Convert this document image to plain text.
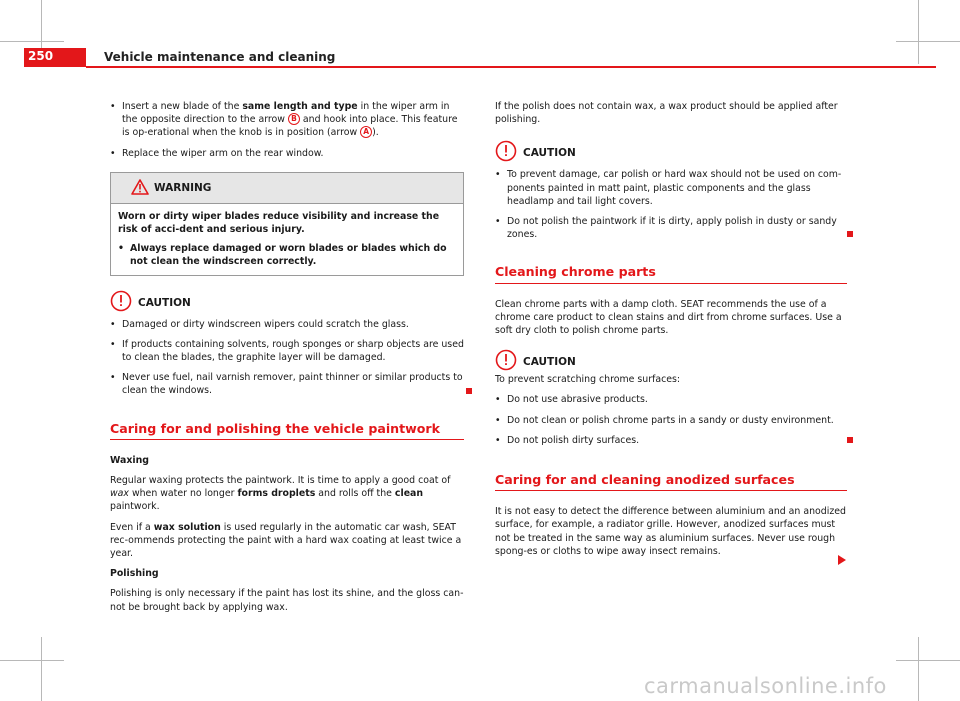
250	Vehicle maintenance and cleaning
• Insert a new blade of the same length and type in the wiper arm in the opposite direction to the arrow B and hook into place. This feature is op-erational when the knob is in position (arrow A ).
• Replace the wiper arm on the rear window.
WARNING

Worn or dirty wiper blades reduce visibility and increase the risk of acci-dent and serious injury.

• Always replace damaged or worn blades or blades which do not clean the windscreen correctly.
CAUTION
• Damaged or dirty windscreen wipers could scratch the glass.
• If products containing solvents, rough sponges or sharp objects are used to clean the blades, the graphite layer will be damaged.
• Never use fuel, nail varnish remover, paint thinner or similar products to clean the windows.
Caring for and polishing the vehicle paintwork

Waxing

Regular waxing protects the paintwork. It is time to apply a good coat of wax when water no longer forms droplets and rolls off the clean paintwork.

Even if a wax solution is used regularly in the automatic car wash, SEAT rec-ommends protecting the paint with a hard wax coating at least twice a year.

Polishing

Polishing is only necessary if the paint has lost its shine, and the gloss can-not be brought back by applying wax.

If the polish does not contain wax, a wax product should be applied after polishing.

CAUTION
• To prevent damage, car polish or hard wax should not be used on com-ponents painted in matt paint, plastic components and the glass headlamp and tail light covers.
• Do not polish the paintwork if it is dirty, apply polish in dusty or sandy zones.
Cleaning chrome parts

Clean chrome parts with a damp cloth. SEAT recommends the use of a chrome care product to clean stains and dirt from chrome surfaces. Use a soft dry cloth to polish chrome parts.

CAUTION

To prevent scratching chrome surfaces:

• Do not use abrasive products.
• Do not clean or polish chrome parts in a sandy or dusty environment.
• Do not polish dirty surfaces.
Caring for and cleaning anodized surfaces

It is not easy to detect the difference between aluminium and an anodized surface, for example, a radiator grille. However, anodized surfaces must not be treated in the same way as aluminium surfaces. Never use rough spong-es or cloths to wipe away insect remains.

carmanualsonline.info
